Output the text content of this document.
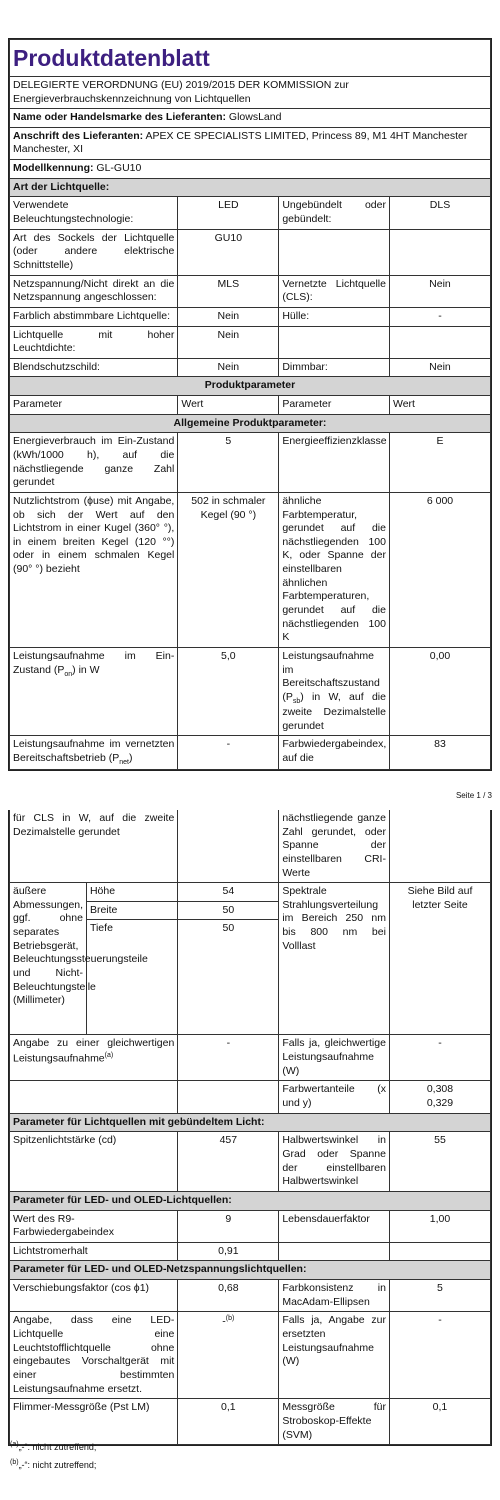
Produktdatenblatt			
DELEGIERTE VERORDNUNG (EU) 2019/2015 DER KOMMISSION zur Energieverbrauchskennzeichnung von Lichtquellen			
Name oder Handelsmarke des Lieferanten: GlowsLand			
Anschrift des Lieferanten: APEX CE SPECIALISTS LIMITED, Princess 89, M1 4HT Manchester Manchester, XI			
Modellkennung: GL-GU10			
Art der Lichtquelle:			
Verwendete Beleuchtungstechnologie:	LED	Ungebündelt oder gebündelt:	DLS
Art des Sockels der Lichtquelle (oder andere elektrische Schnittstelle)	GU10		
Netzspannung/Nicht direkt an die Netzspannung angeschlossen:	MLS	Vernetzte Lichtquelle (CLS):	Nein
Farblich abstimmbare Lichtquelle:	Nein	Hülle:	-
Lichtquelle mit hoher Leuchtdichte:	Nein		
Blendschutzschild:	Nein	Dimmbar:	Nein
Produktparameter			
Parameter	Wert	Parameter	Wert
Allgemeine Produktparameter:			
Energieverbrauch im Ein-Zustand (kWh/1000 h), auf die nächstliegende ganze Zahl gerundet	5	Energieeffizienzklasse	E
Nutzlichtstrom (ϕuse) mit Angabe, ob sich der Wert auf den Lichtstrom in einer Kugel (360° °), in einem breiten Kegel (120 °°) oder in einem schmalen Kegel (90° °) bezieht	502 in schmaler Kegel (90 °)	ähnliche Farbtemperatur, gerundet auf die nächstliegenden 100 K, oder Spanne der einstellbaren ähnlichen Farbtemperaturen, gerundet auf die nächstliegenden 100 K	6 000
Leistungsaufnahme im Ein-Zustand $(P_{on})$ in W	5,0	Leistungsaufnahme im Bereitschaftszustand $(P_{sb})$ in W, auf die zweite Dezimalstelle gerundet	0,00
Leistungsaufnahme im vernetzten Bereitschaftsbetrieb $(P_{net})$	-	Farbwiedergabeindex, auf die	83
Seite 1 / 3
für CLS in W, auf die zweite Dezimalstelle gerundet			nächstliegende ganze Zahl gerundet, oder Spanne der einstellbaren CRI-Werte	
äußere Abmessungen, ggf. ohne separates Betriebsgerät, Beleuchtungssteuerungsteile und Nicht-Beleuchtungsteile (Millimeter)	Höhe	54	Spektrale Strahlungsverteilung im Bereich 250 nm bis 800 nm bei Volllast	Siehe Bild auf letzter Seite
	Breite	50		
	Tiefe	50		
Angabe zu einer gleichwertigen Leistungsaufnahme$^{(a)}$		-	Falls ja, gleichwertige Leistungsaufnahme (W)	-
			Farbwertanteile (x und y)	0,308
0,329

Parameter für Lichtquellen mit gebündeltem Licht:				
Spitzenlichtstärke (cd)		457	Halbwertswinkel in Grad oder Spanne der einstellbaren Halbwertswinkel	55
Parameter für LED- und OLED-Lichtquellen:				
Wert des R9-Farbwiedergabeindex		9	Lebensdauerfaktor	1,00
Lichtstromerhalt		0,91		
Parameter für LED- und OLED-Netzspannungslichtquellen:				
Verschiebungsfaktor (cos ϕ1)		0,68	Farbkonsistenz in MacAdam-Ellipsen	5
Angabe, dass eine LED-Lichtquelle eine Leuchtstofflichtquelle ohne eingebautes Vorschaltgerät mit einer bestimmten Leistungsaufnahme ersetzt.		-$^{(b)}$	Falls ja, Angabe zur ersetzten Leistungsaufnahme (W)	-
Flimmer-Messgröße (Pst LM)		0,1	Messgröße für Stroboskop-Effekte (SVM)	0,1
$^{(a)}$„-“: nicht zutreffend;
$^{(b)}$„-“: nicht zutreffend;
